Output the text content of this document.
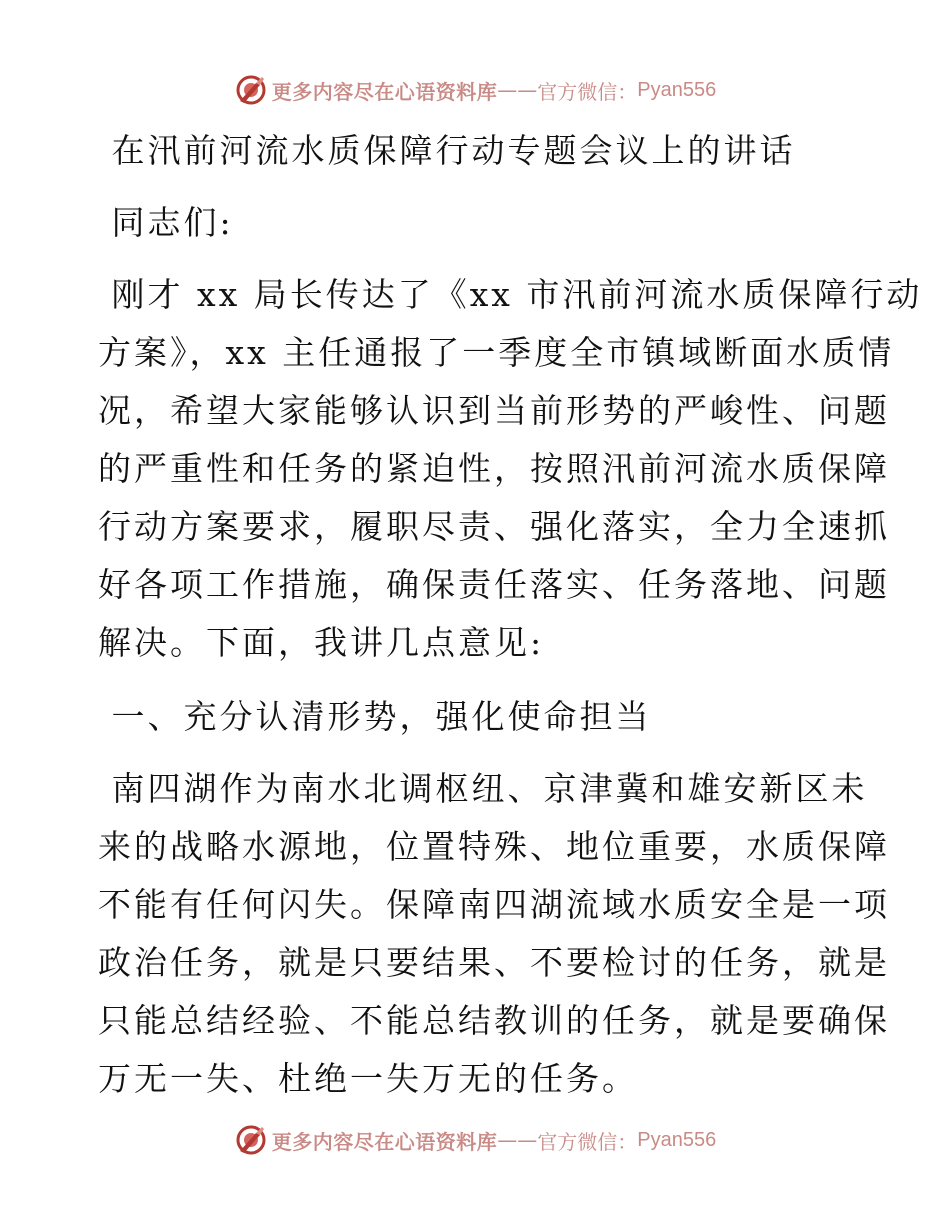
更多内容尽在心语资料库 —— 官方微信： Pyan556

在汛前河流水质保障行动专题会议上的讲话

同志们:

刚才 xx 局长传达了《xx 市汛前河流水质保障行动

方案》，xx 主任通报了一季度全市镇域断面水质情

况，希望大家能够认识到当前形势的严峻性、问题

的严重性和任务的紧迫性，按照汛前河流水质保障

行动方案要求，履职尽责、强化落实，全力全速抓

好各项工作措施，确保责任落实、任务落地、问题

解决。下面，我讲几点意见:

一、充分认清形势，强化使命担当

南四湖作为南水北调枢纽、京津冀和雄安新区未

来的战略水源地，位置特殊、地位重要，水质保障

不能有任何闪失。保障南四湖流域水质安全是一项

政治任务，就是只要结果、不要检讨的任务，就是

只能总结经验、不能总结教训的任务，就是要确保

万无一失、杜绝一失万无的任务。

更多内容尽在心语资料库 —— 官方微信： Pyan556
